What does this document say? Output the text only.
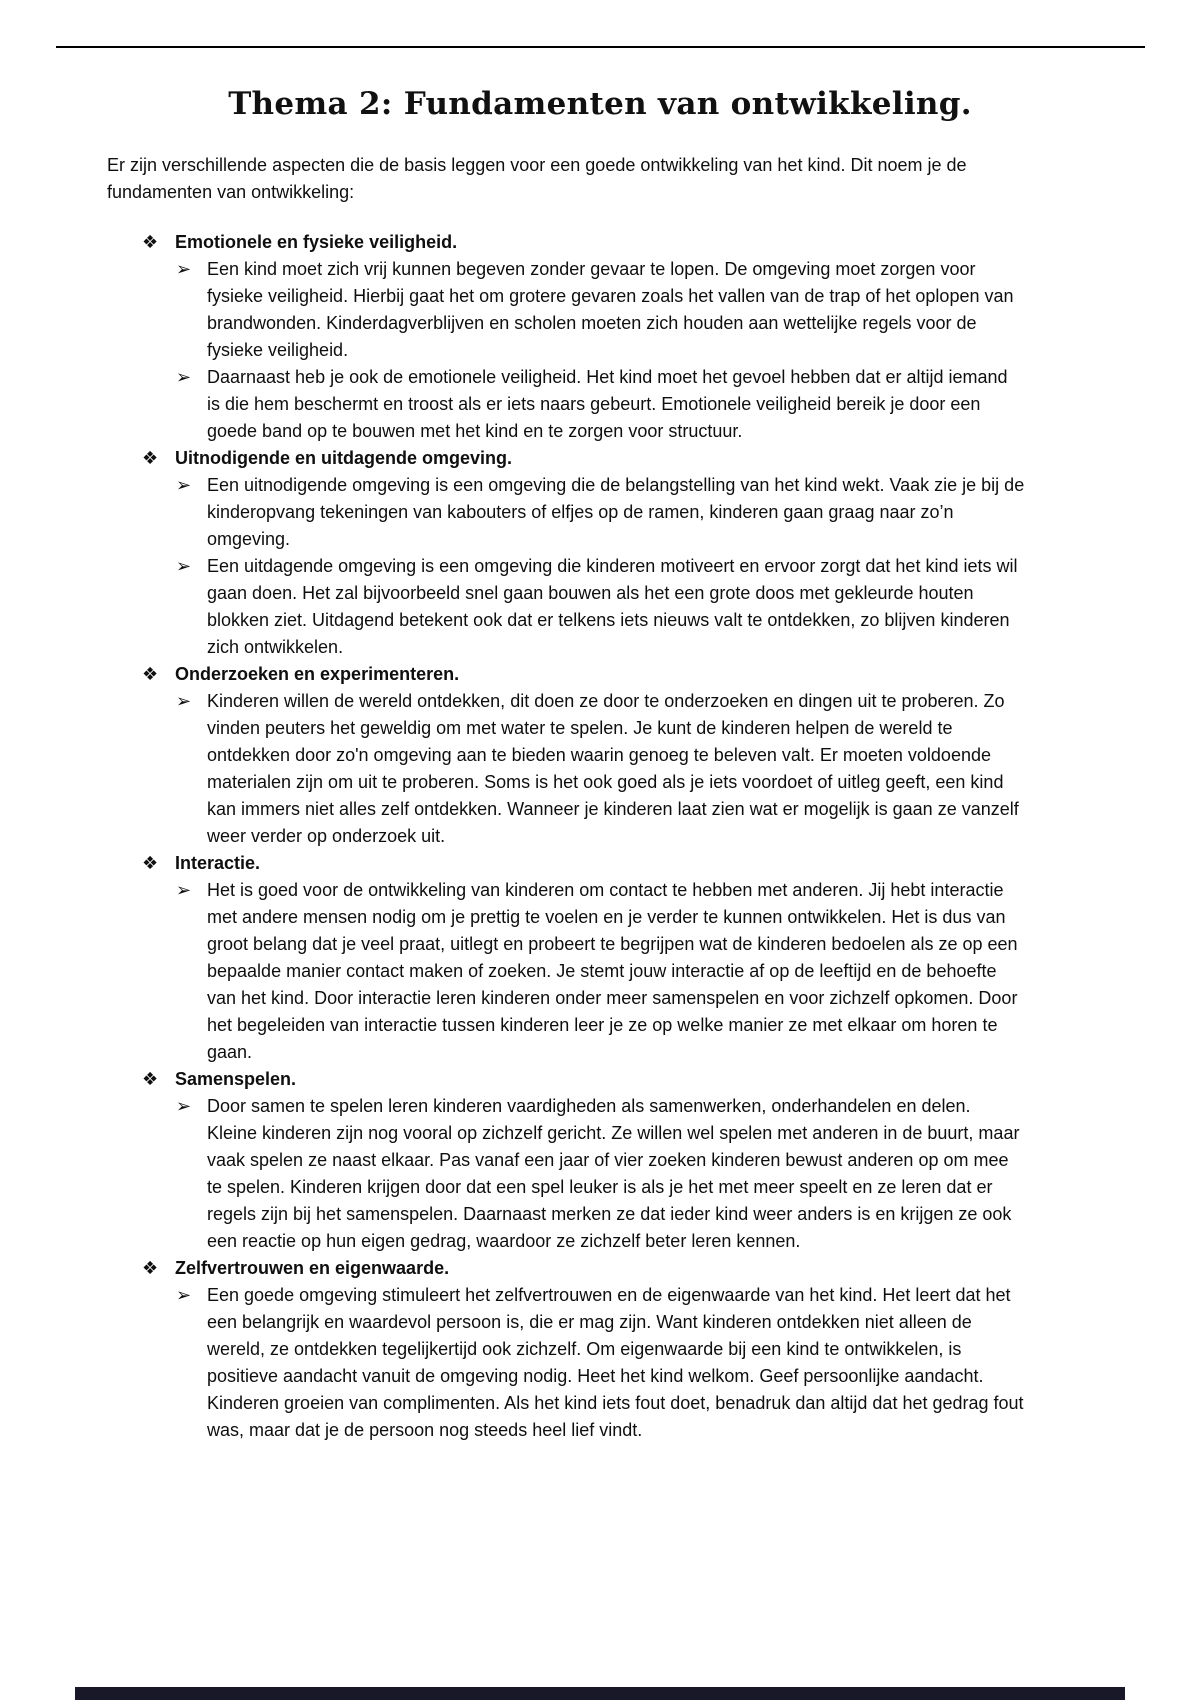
Thema 2: Fundamenten van ontwikkeling.

Er zijn verschillende aspecten die de basis leggen voor een goede ontwikkeling van het kind. Dit noem je de fundamenten van ontwikkeling:

❖ Emotionele en fysieke veiligheid.
➢ Een kind moet zich vrij kunnen begeven zonder gevaar te lopen. De omgeving moet zorgen voor fysieke veiligheid. Hierbij gaat het om grotere gevaren zoals het vallen van de trap of het oplopen van brandwonden. Kinderdagverblijven en scholen moeten zich houden aan wettelijke regels voor de fysieke veiligheid.
➢ Daarnaast heb je ook de emotionele veiligheid. Het kind moet het gevoel hebben dat er altijd iemand is die hem beschermt en troost als er iets naars gebeurt. Emotionele veiligheid bereik je door een goede band op te bouwen met het kind en te zorgen voor structuur.
❖ Uitnodigende en uitdagende omgeving.
➢ Een uitnodigende omgeving is een omgeving die de belangstelling van het kind wekt. Vaak zie je bij de kinderopvang tekeningen van kabouters of elfjes op de ramen, kinderen gaan graag naar zo’n omgeving.
➢ Een uitdagende omgeving is een omgeving die kinderen motiveert en ervoor zorgt dat het kind iets wil gaan doen. Het zal bijvoorbeeld snel gaan bouwen als het een grote doos met gekleurde houten blokken ziet. Uitdagend betekent ook dat er telkens iets nieuws valt te ontdekken, zo blijven kinderen zich ontwikkelen.
❖ Onderzoeken en experimenteren.
➢ Kinderen willen de wereld ontdekken, dit doen ze door te onderzoeken en dingen uit te proberen. Zo vinden peuters het geweldig om met water te spelen. Je kunt de kinderen helpen de wereld te ontdekken door zo'n omgeving aan te bieden waarin genoeg te beleven valt. Er moeten voldoende materialen zijn om uit te proberen. Soms is het ook goed als je iets voordoet of uitleg geeft, een kind kan immers niet alles zelf ontdekken. Wanneer je kinderen laat zien wat er mogelijk is gaan ze vanzelf weer verder op onderzoek uit.
❖ Interactie.
➢ Het is goed voor de ontwikkeling van kinderen om contact te hebben met anderen. Jij hebt interactie met andere mensen nodig om je prettig te voelen en je verder te kunnen ontwikkelen. Het is dus van groot belang dat je veel praat, uitlegt en probeert te begrijpen wat de kinderen bedoelen als ze op een bepaalde manier contact maken of zoeken. Je stemt jouw interactie af op de leeftijd en de behoefte van het kind. Door interactie leren kinderen onder meer samenspelen en voor zichzelf opkomen. Door het begeleiden van interactie tussen kinderen leer je ze op welke manier ze met elkaar om horen te gaan.
❖ Samenspelen.
➢ Door samen te spelen leren kinderen vaardigheden als samenwerken, onderhandelen en delen. Kleine kinderen zijn nog vooral op zichzelf gericht. Ze willen wel spelen met anderen in de buurt, maar vaak spelen ze naast elkaar. Pas vanaf een jaar of vier zoeken kinderen bewust anderen op om mee te spelen. Kinderen krijgen door dat een spel leuker is als je het met meer speelt en ze leren dat er regels zijn bij het samenspelen. Daarnaast merken ze dat ieder kind weer anders is en krijgen ze ook een reactie op hun eigen gedrag, waardoor ze zichzelf beter leren kennen.
❖ Zelfvertrouwen en eigenwaarde.
➢ Een goede omgeving stimuleert het zelfvertrouwen en de eigenwaarde van het kind. Het leert dat het een belangrijk en waardevol persoon is, die er mag zijn. Want kinderen ontdekken niet alleen de wereld, ze ontdekken tegelijkertijd ook zichzelf. Om eigenwaarde bij een kind te ontwikkelen, is positieve aandacht vanuit de omgeving nodig. Heet het kind welkom. Geef persoonlijke aandacht. Kinderen groeien van complimenten. Als het kind iets fout doet, benadruk dan altijd dat het gedrag fout was, maar dat je de persoon nog steeds heel lief vindt.
